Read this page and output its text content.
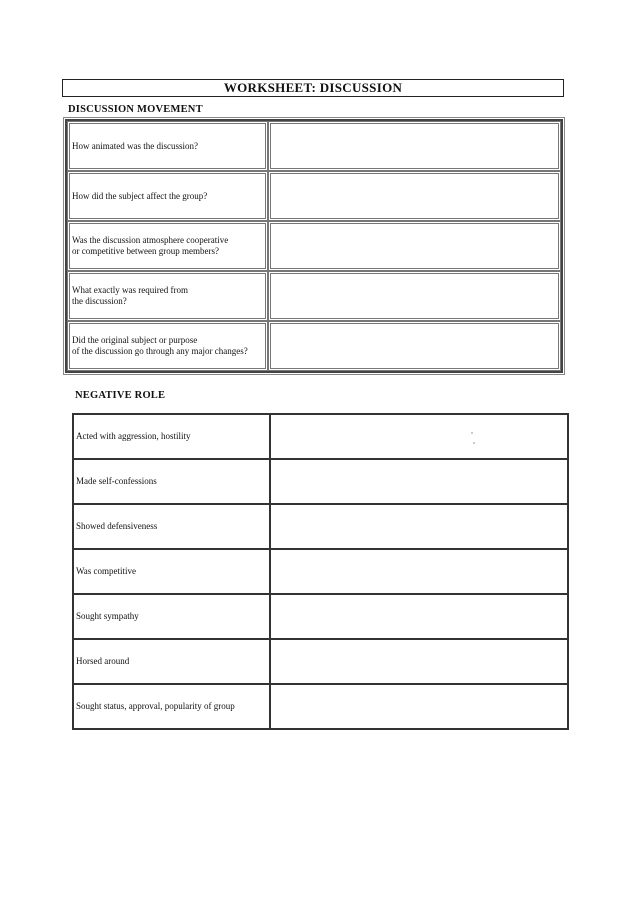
WORKSHEET: DISCUSSION
DISCUSSION MOVEMENT
How animated was the discussion?	

How did the subject affect the group?	

Was the discussion atmosphere cooperative
or competitive between group members?	

What exactly was required from
the discussion?	

Did the original subject or purpose
of the discussion go through any major changes?	

NEGATIVE ROLE
Acted with aggression, hostility	
Made self-confessions	
Showed defensiveness	
Was competitive	
Sought sympathy	
Horsed around	
Sought status, approval, popularity of group	
